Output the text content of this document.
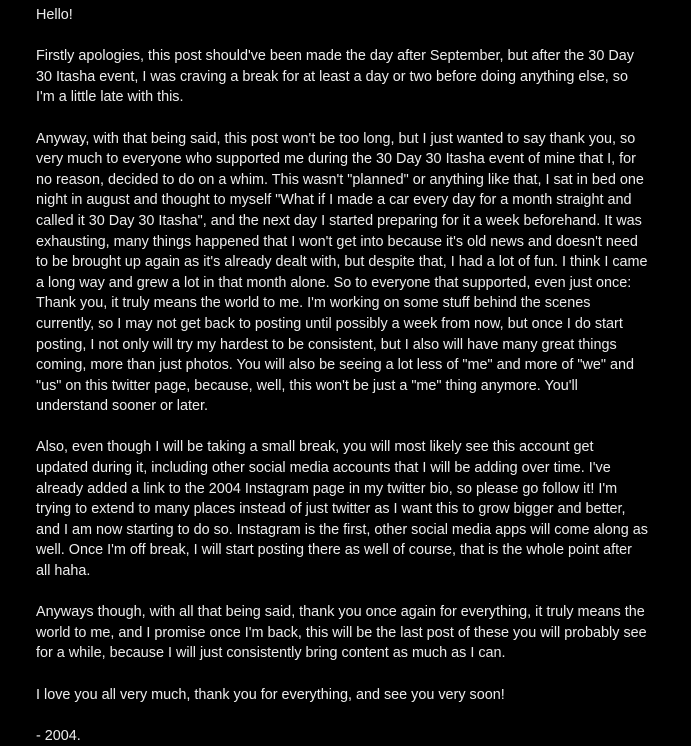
Hello!
Firstly apologies, this post should've been made the day after September, but after the 30 Day
30 Itasha event, I was craving a break for at least a day or two before doing anything else, so
I'm a little late with this.
Anyway, with that being said, this post won't be too long, but I just wanted to say thank you, so
very much to everyone who supported me during the 30 Day 30 Itasha event of mine that I, for
no reason, decided to do on a whim. This wasn't "planned" or anything like that, I sat in bed one
night in august and thought to myself "What if I made a car every day for a month straight and
called it 30 Day 30 Itasha", and the next day I started preparing for it a week beforehand. It was
exhausting, many things happened that I won't get into because it's old news and doesn't need
to be brought up again as it's already dealt with, but despite that, I had a lot of fun. I think I came
a long way and grew a lot in that month alone. So to everyone that supported, even just once:
Thank you, it truly means the world to me. I'm working on some stuff behind the scenes
currently, so I may not get back to posting until possibly a week from now, but once I do start
posting, I not only will try my hardest to be consistent, but I also will have many great things
coming, more than just photos. You will also be seeing a lot less of "me" and more of "we" and
"us" on this twitter page, because, well, this won't be just a "me" thing anymore. You'll
understand sooner or later.
Also, even though I will be taking a small break, you will most likely see this account get
updated during it, including other social media accounts that I will be adding over time. I've
already added a link to the 2004 Instagram page in my twitter bio, so please go follow it! I'm
trying to extend to many places instead of just twitter as I want this to grow bigger and better,
and I am now starting to do so. Instagram is the first, other social media apps will come along as
well. Once I'm off break, I will start posting there as well of course, that is the whole point after
all haha.
Anyways though, with all that being said, thank you once again for everything, it truly means the
world to me, and I promise once I'm back, this will be the last post of these you will probably see
for a while, because I will just consistently bring content as much as I can.
I love you all very much, thank you for everything, and see you very soon!
- 2004.
